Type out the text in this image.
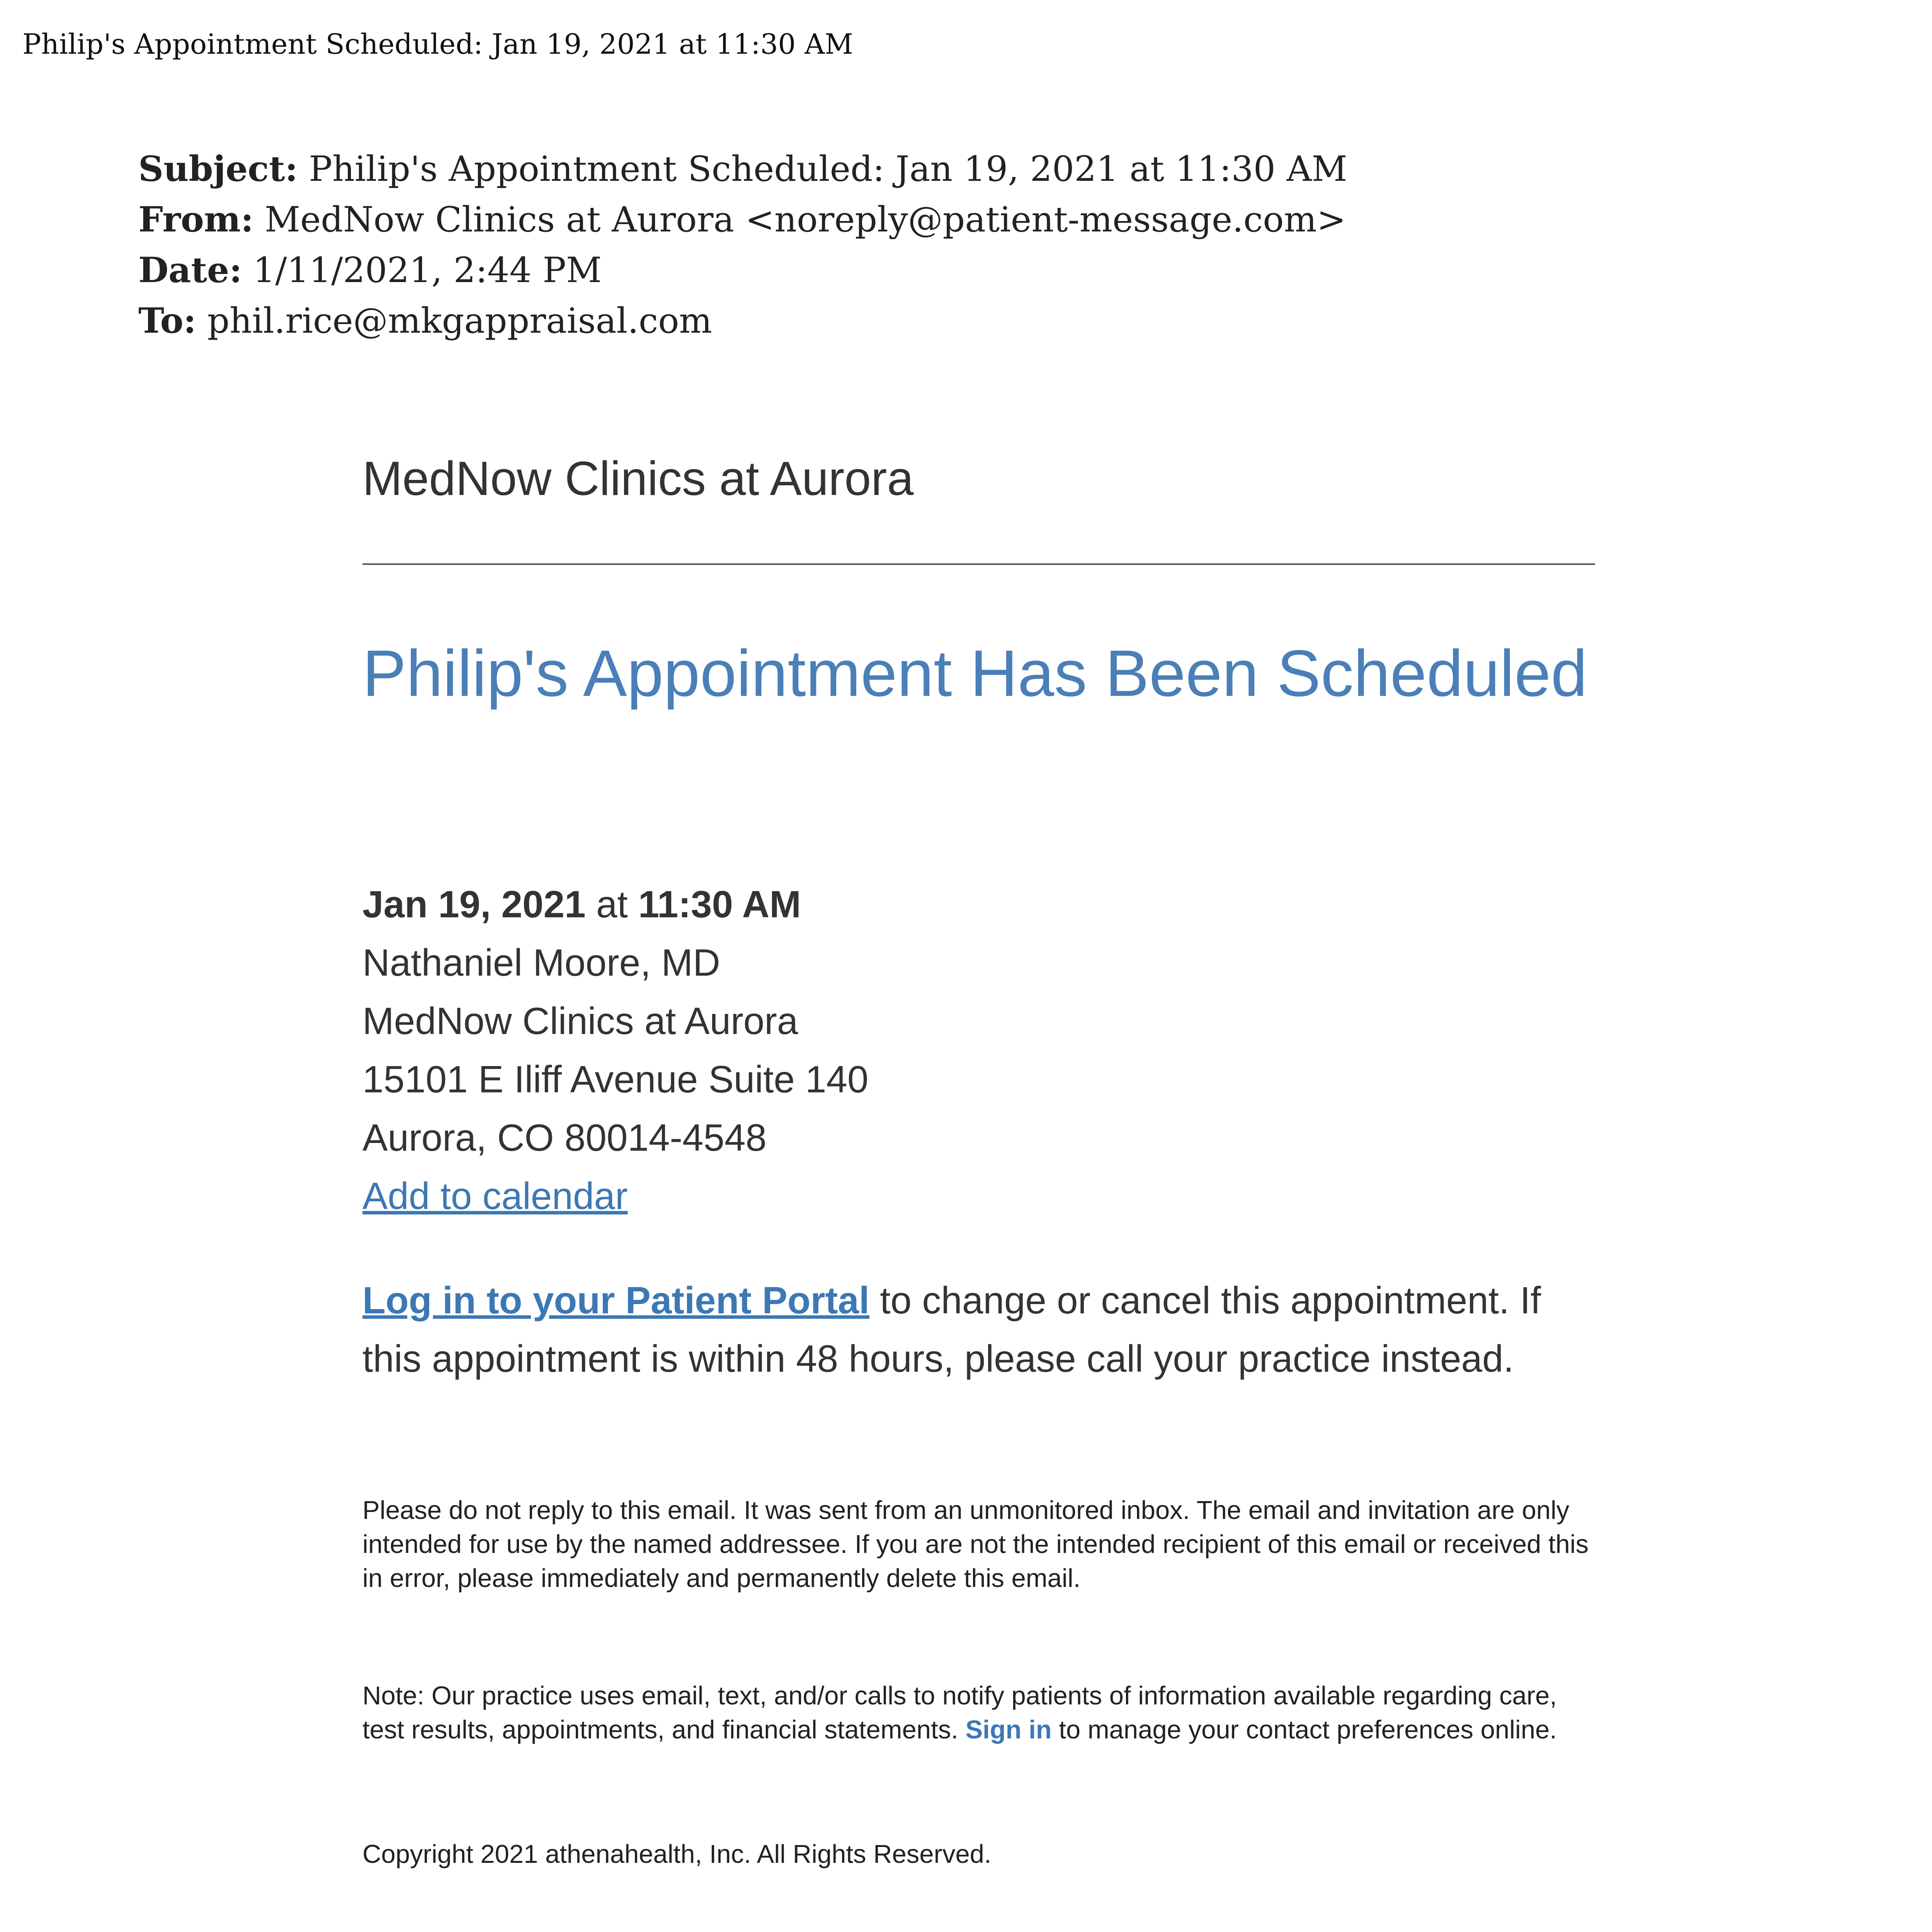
Philip's Appointment Scheduled: Jan 19, 2021 at 11:30 AM
Subject: Philip's Appointment Scheduled: Jan 19, 2021 at 11:30 AM
From: MedNow Clinics at Aurora <noreply@patient-message.com>
Date: 1/11/2021, 2:44 PM
To: phil.rice@mkgappraisal.com
MedNow Clinics at Aurora
Philip's Appointment Has Been Scheduled
Jan 19, 2021 at 11:30 AM
Nathaniel Moore, MD
MedNow Clinics at Aurora
15101 E Iliff Avenue Suite 140
Aurora, CO 80014-4548
Add to calendar
Log in to your Patient Portal to change or cancel this appointment. If this appointment is within 48 hours, please call your practice instead.
Please do not reply to this email. It was sent from an unmonitored inbox. The email and invitation are only intended for use by the named addressee. If you are not the intended recipient of this email or received this in error, please immediately and permanently delete this email.
Note: Our practice uses email, text, and/or calls to notify patients of information available regarding care, test results, appointments, and financial statements. Sign in to manage your contact preferences online.
Copyright 2021 athenahealth, Inc. All Rights Reserved.
